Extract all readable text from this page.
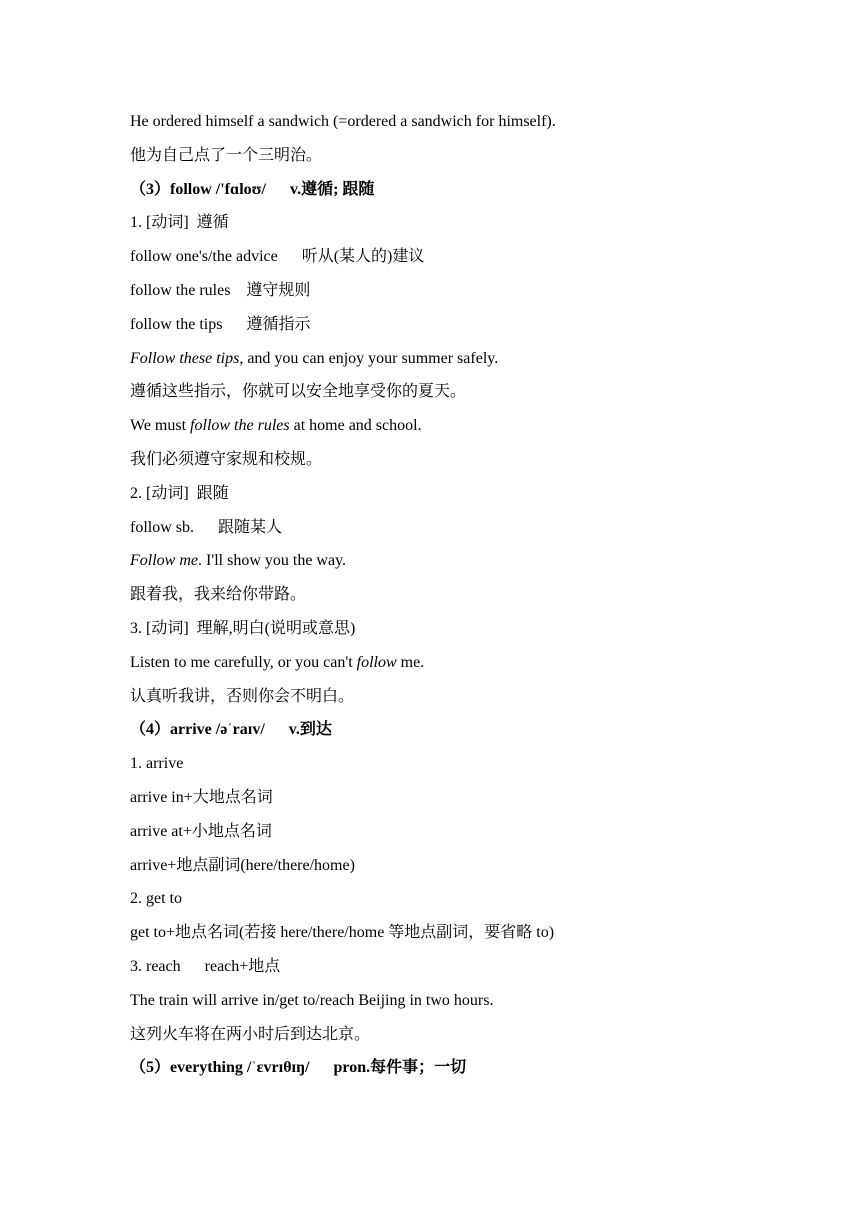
He ordered himself a sandwich (=ordered a sandwich for himself).
他为自己点了一个三明治。
（3）follow /'fɑloʊ/      v.遵循; 跟随
1. [动词]  遵循
follow one's/the advice      听从(某人的)建议
follow the rules    遵守规则
follow the tips      遵循指示
Follow these tips, and you can enjoy your summer safely.
遵循这些指示，你就可以安全地享受你的夏天。
We must follow the rules at home and school.
我们必须遵守家规和校规。
2. [动词]  跟随
follow sb.      跟随某人
Follow me. I'll show you the way.
跟着我，我来给你带路。
3. [动词]  理解,明白(说明或意思)
Listen to me carefully, or you can't follow me.
认真听我讲，否则你会不明白。
（4）arrive /əˈraɪv/      v.到达
1. arrive
arrive in+大地点名词
arrive at+小地点名词
arrive+地点副词(here/there/home)
2. get to
get to+地点名词(若接 here/there/home 等地点副词，要省略 to)
3. reach      reach+地点
The train will arrive in/get to/reach Beijing in two hours.
这列火车将在两小时后到达北京。
（5）everything /ˈɛvrɪθɪŋ/      pron.每件事；一切
